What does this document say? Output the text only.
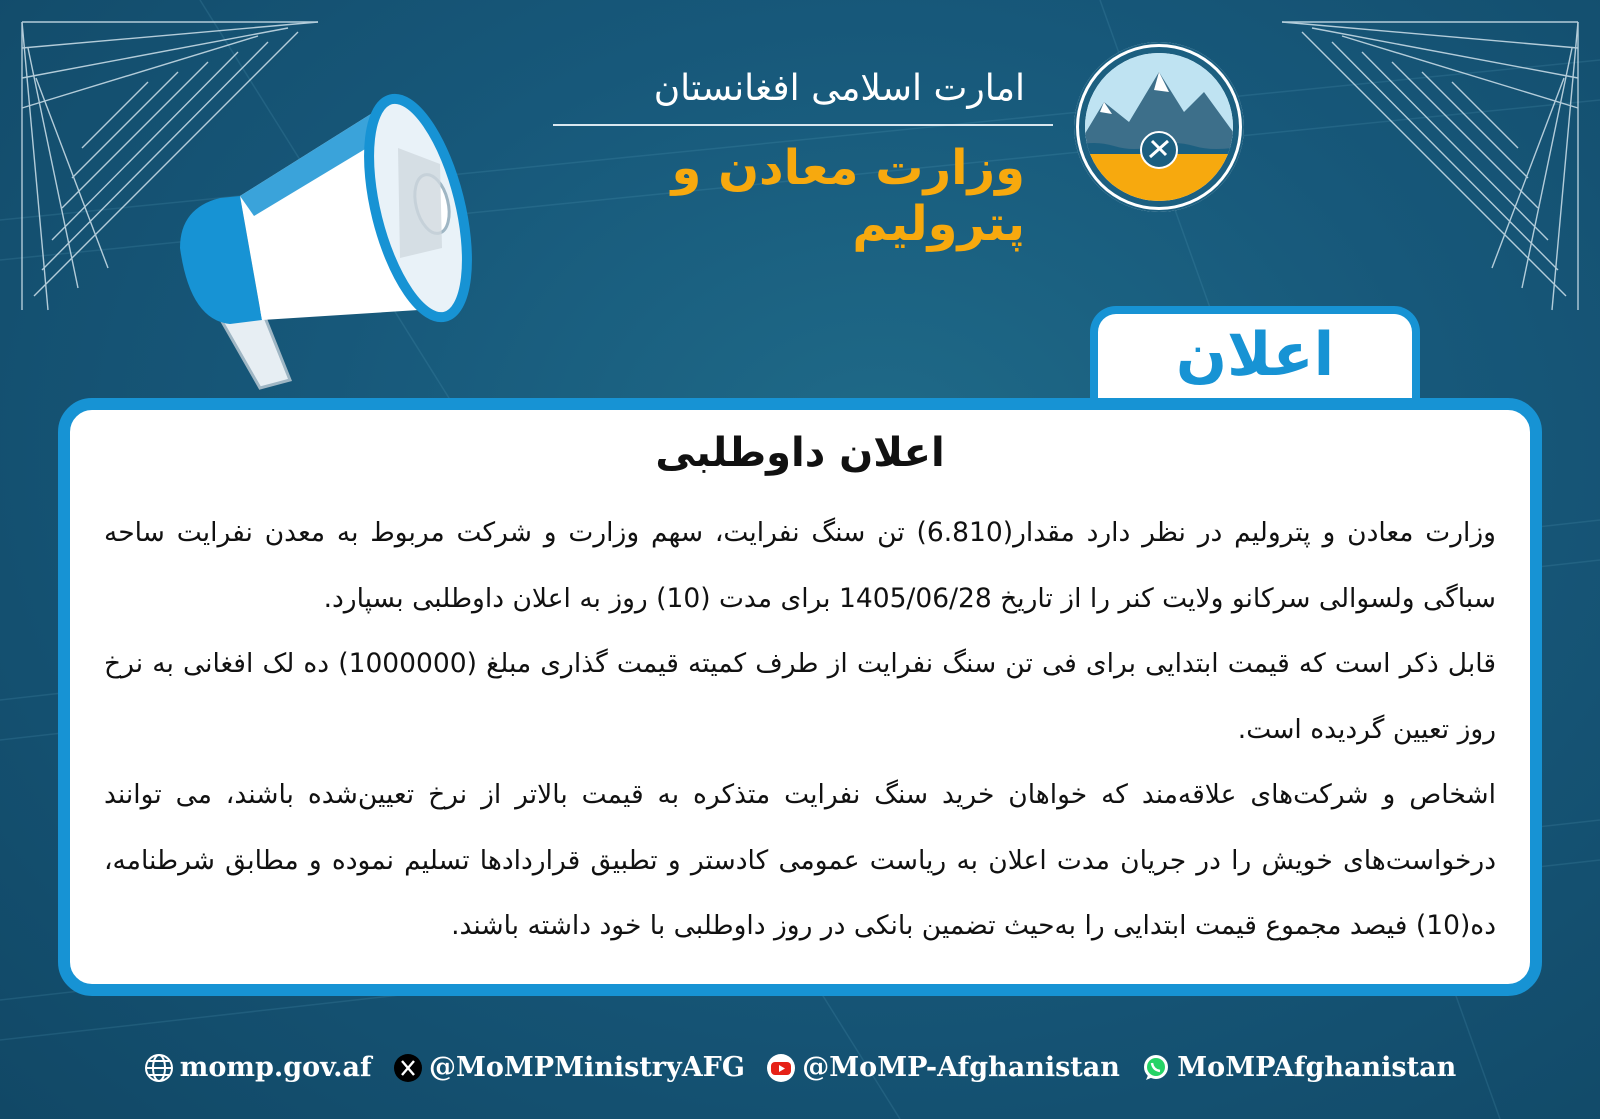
امارت اسلامی افغانستان
وزارت معادن و پترولیم
اعلان
اعلان داوطلبی

وزارت معادن و پترولیم در نظر دارد مقدار(6.810) تن سنگ نفرایت، سهم وزارت و شرکت مربوط به معدن نفرایت ساحه سباگی ولسوالی سرکانو ولایت کنر را از تاریخ 1405/06/28 برای مدت (10) روز به اعلان داوطلبی بسپارد.

قابل ذکر است که قیمت ابتدایی برای فی تن سنگ نفرایت از طرف کمیته قیمت گذاری مبلغ (1000000) ده لک افغانی به نرخ روز تعیین گردیده است.

اشخاص و شرکت‌های علاقه‌مند که خواهان خرید سنگ نفرایت متذکره به قیمت بالاتر از نرخ تعیین‌شده باشند، می توانند درخواست‌های خویش را در جریان مدت اعلان به ریاست عمومی کادستر و تطبیق قراردادها تسلیم نموده و مطابق شرطنامه، ده(10) فیصد مجموع قیمت ابتدایی را به‌حیث تضمین بانکی در روز داوطلبی با خود داشته باشند.

momp.gov.af
@MoMPMinistryAFG
@MoMP-Afghanistan
MoMPAfghanistan
